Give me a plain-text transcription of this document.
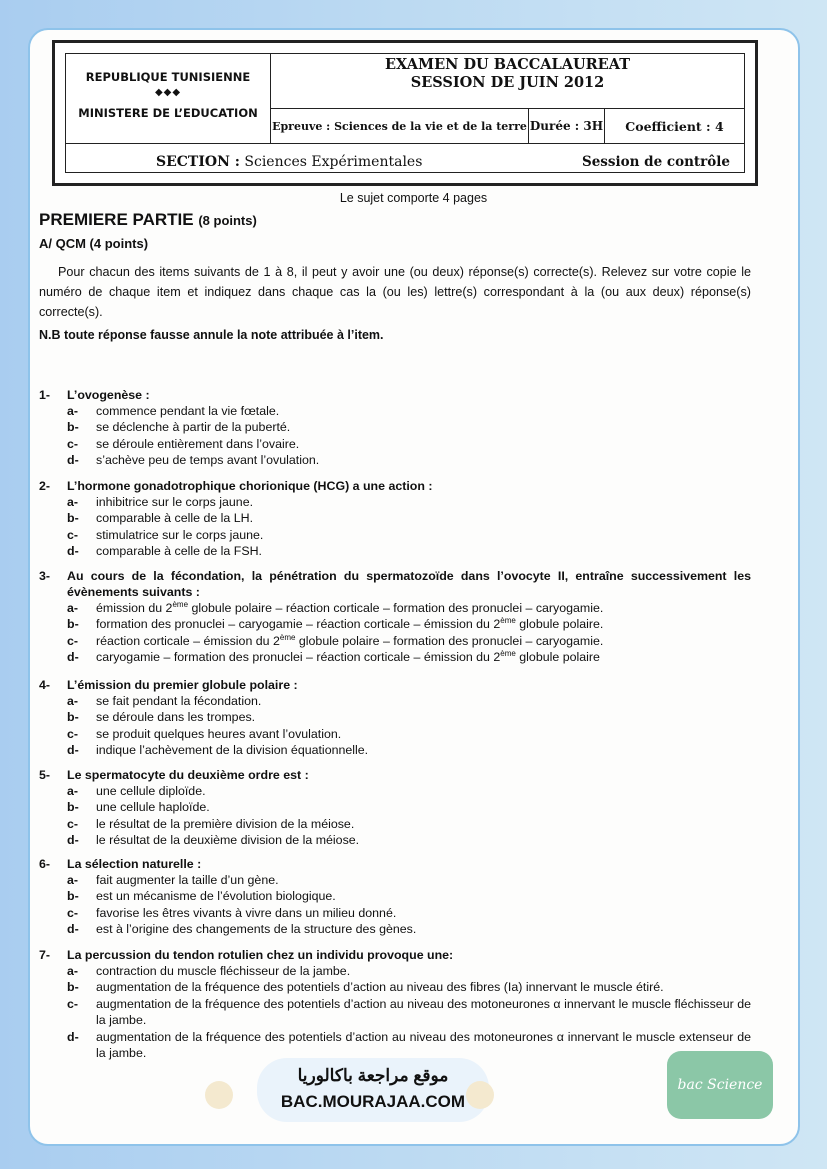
REPUBLIQUE TUNISIENNE
◆◆◆
MINISTERE DE L’EDUCATION
EXAMEN DU BACCALAUREAT
SESSION DE JUIN 2012
Epreuve : Sciences de la vie et de la terre Durée : 3H	Coefficient : 4
SECTION : Sciences Expérimentales	Session de contrôle
Le sujet comporte 4 pages
PREMIERE PARTIE (8 points)
A/ QCM (4 points)
Pour chacun des items suivants de 1 à 8, il peut y avoir une (ou deux) réponse(s) correcte(s). Relevez sur votre copie le numéro de chaque item et indiquez dans chaque cas la (ou les) lettre(s) correspondant à la (ou aux deux) réponse(s) correcte(s).
N.B toute réponse fausse annule la note attribuée à l’item.
1-	L’ovogenèse :
a-	commence pendant la vie fœtale.
b-	se déclenche à partir de la puberté.
c-	se déroule entièrement dans l’ovaire.
d-	s’achève peu de temps avant l’ovulation.
2-	L’hormone gonadotrophique chorionique (HCG) a une action :
a-	inhibitrice sur le corps jaune.
b-	comparable à celle de la LH.
c-	stimulatrice sur le corps jaune.
d-	comparable à celle de la FSH.
3-	Au cours de la fécondation, la pénétration du spermatozoïde dans l’ovocyte II, entraîne successivement les évènements suivants :
a-	émission du 2ème globule polaire – réaction corticale – formation des pronuclei – caryogamie.
b-	formation des pronuclei – caryogamie – réaction corticale – émission du 2ème globule polaire.
c-	réaction corticale – émission du 2ème globule polaire – formation des pronuclei – caryogamie.
d-	caryogamie – formation des pronuclei – réaction corticale – émission du 2ème globule polaire
4-	L’émission du premier globule polaire :
a-	se fait pendant la fécondation.
b-	se déroule dans les trompes.
c-	se produit quelques heures avant l’ovulation.
d-	indique l’achèvement de la division équationnelle.
5-	Le spermatocyte du deuxième ordre est :
a-	une cellule diploïde.
b-	une cellule haploïde.
c-	le résultat de la première division de la méiose.
d-	le résultat de la deuxième division de la méiose.
6-	La sélection naturelle :
a-	fait augmenter la taille d’un gène.
b-	est un mécanisme de l’évolution biologique.
c-	favorise les êtres vivants à vivre dans un milieu donné.
d-	est à l’origine des changements de la structure des gènes.
7-	La percussion du tendon rotulien chez un individu provoque une:
a-	contraction du muscle fléchisseur de la jambe.
b-	augmentation de la fréquence des potentiels d’action au niveau des fibres (Ia) innervant le muscle étiré.
c-	augmentation de la fréquence des potentiels d’action au niveau des motoneurones α innervant le muscle fléchisseur de la jambe.
d-	augmentation de la fréquence des potentiels d’action au niveau des motoneurones α innervant le muscle extenseur de la jambe.
موقع مراجعة باكالوريا
BAC.MOURAJAA.COM
bac Science
